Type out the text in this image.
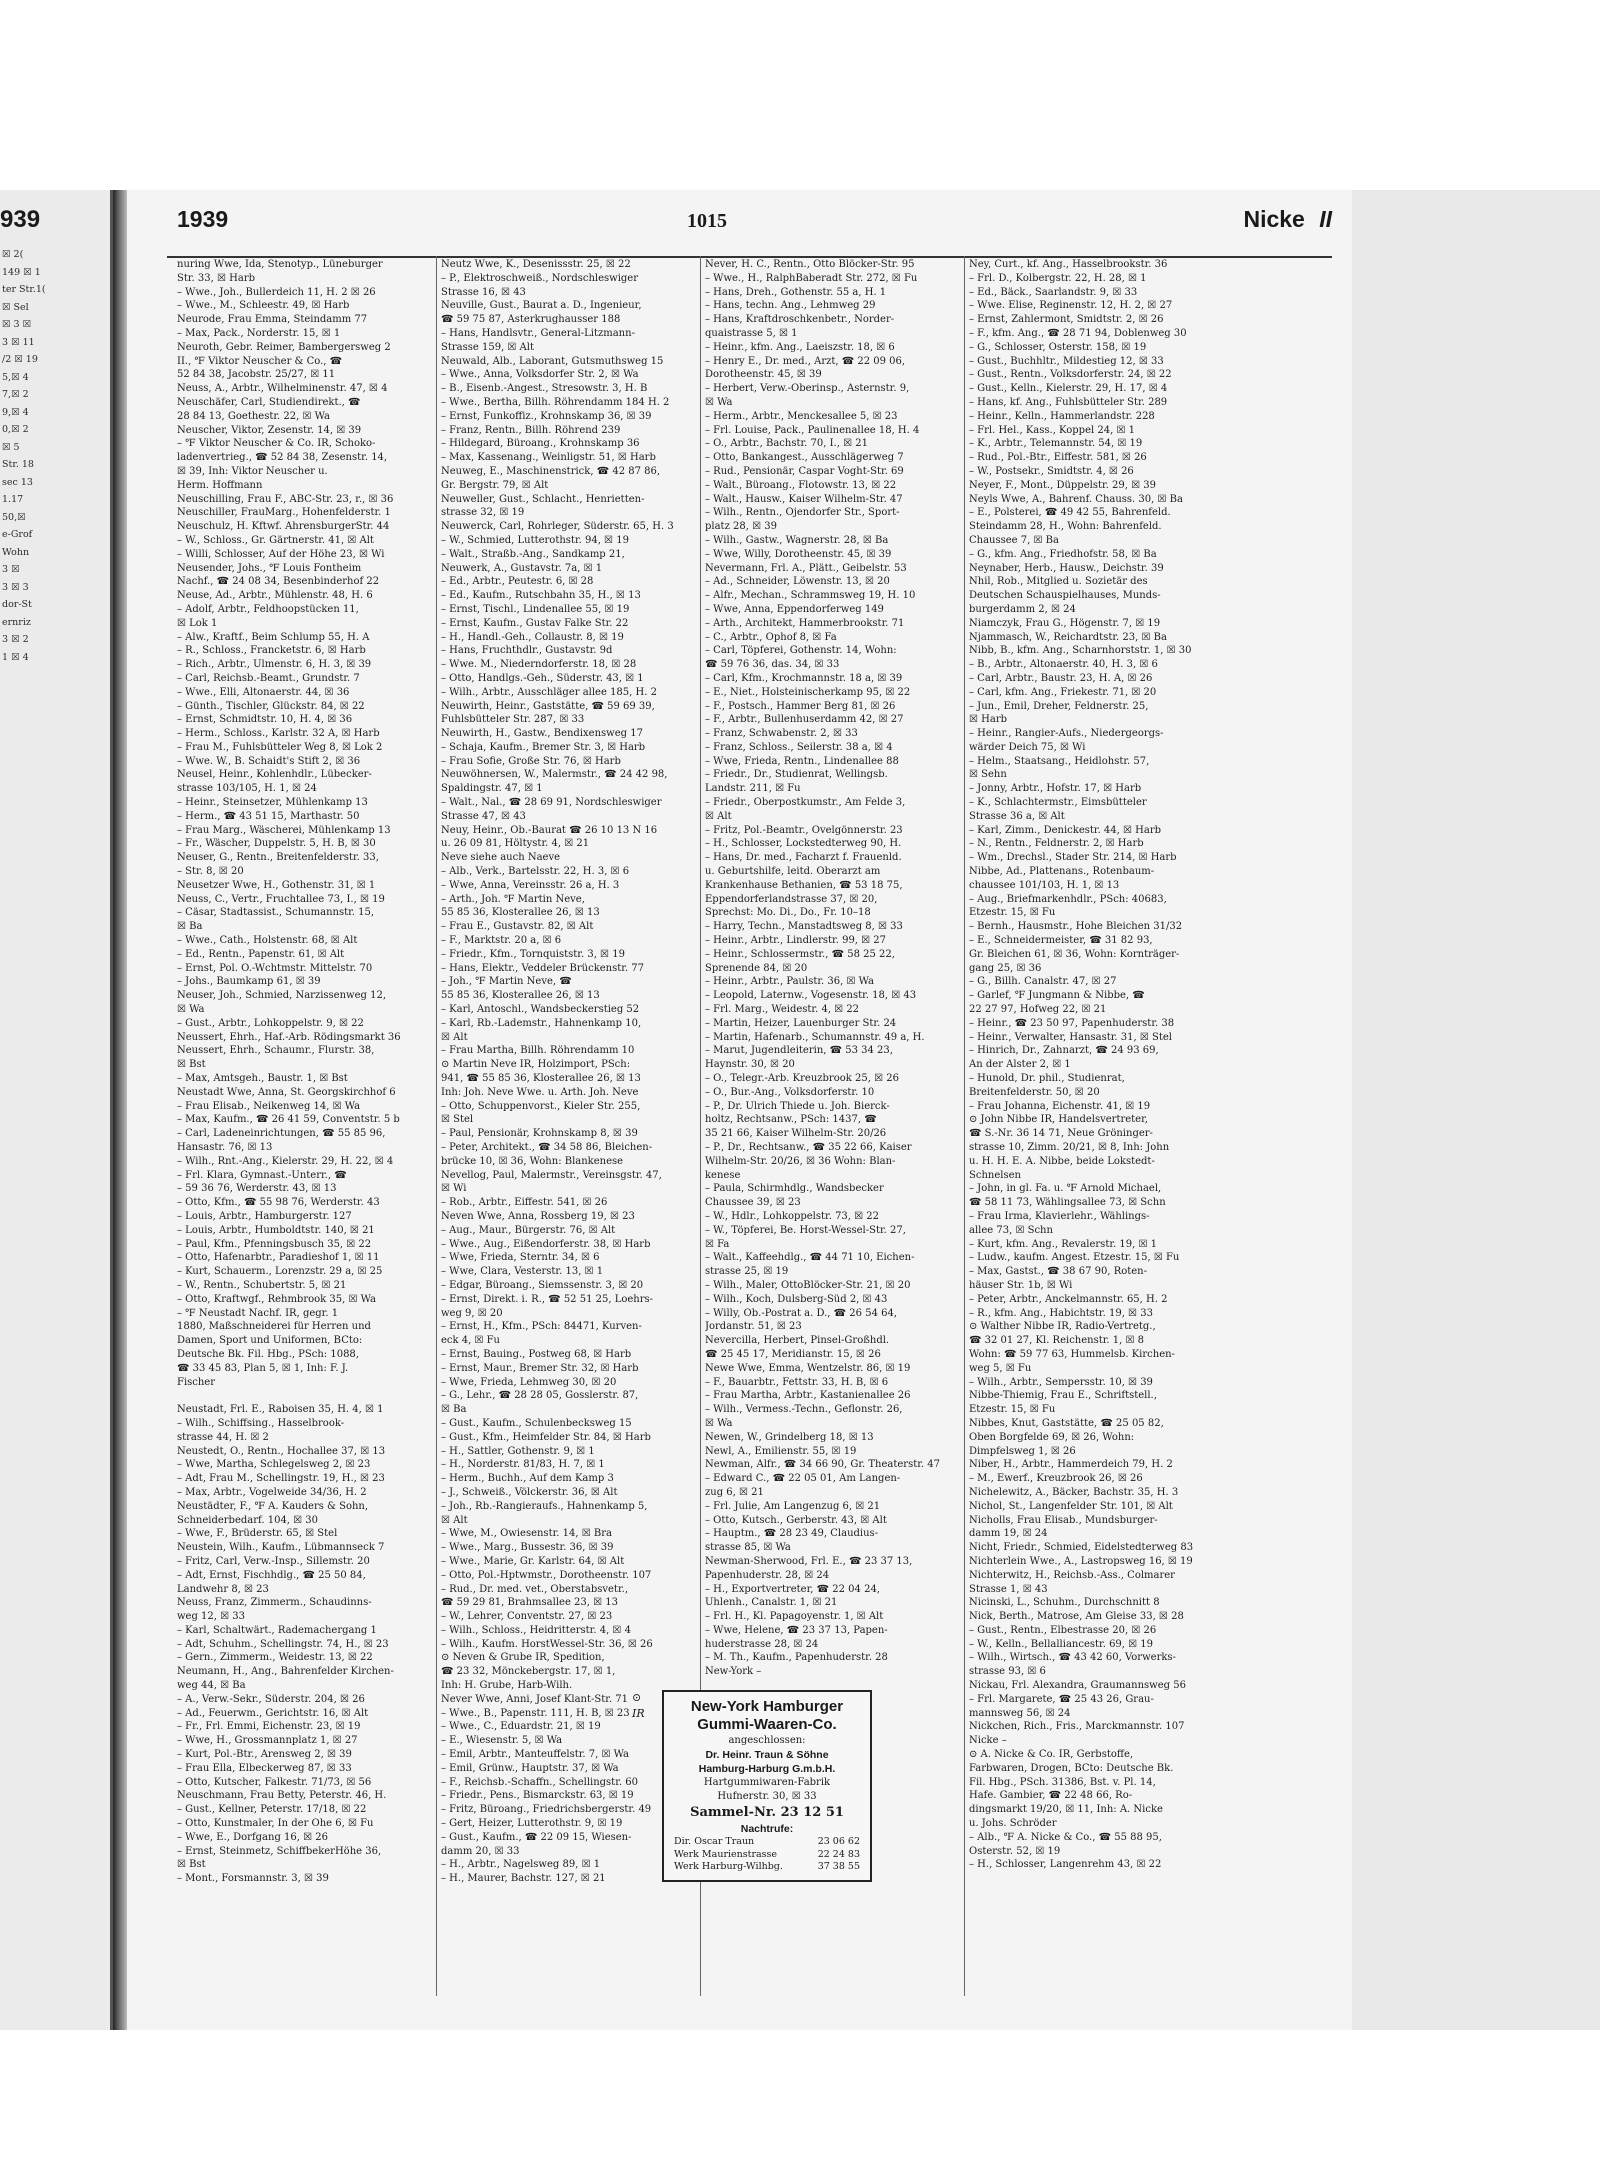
939
☒ 2(
149 ☒ 1
ter Str.1(
☒ Sel
☒ 3 ☒
3 ☒ 11
/2 ☒ 19
5,☒ 4
7,☒ 2
9,☒ 4
0,☒ 2
☒ 5
Str. 18
sec 13
1.17
50,☒
e-Grof
Wohn
3 ☒
3 ☒ 3
dor-St
ernriz
3 ☒ 2
1 ☒ 4
1939	1015	Nicke II
nuring Wwe, Ida, Stenotyp., Lüneburger
Str. 33, ☒ Harb
– Wwe., Joh., Bullerdeich 11, H. 2 ☒ 26
– Wwe., M., Schleestr. 49, ☒ Harb
Neurode, Frau Emma, Steindamm 77
– Max, Pack., Norderstr. 15, ☒ 1
Neuroth, Gebr. Reimer, Bambergersweg 2
II., ℉ Viktor Neuscher & Co., ☎
52 84 38, Jacobstr. 25/27, ☒ 11
Neuss, A., Arbtr., Wilhelminenstr. 47, ☒ 4
Neuschäfer, Carl, Studiendirekt., ☎
28 84 13, Goethestr. 22, ☒ Wa
Neuscher, Viktor, Zesenstr. 14, ☒ 39
– ℉ Viktor Neuscher & Co. IR, Schoko-
ladenvertrieg., ☎ 52 84 38, Zesenstr. 14,
☒ 39, Inh: Viktor Neuscher u.
Herm. Hoffmann
Neuschilling, Frau F., ABC-Str. 23, r., ☒ 36
Neuschiller, FrauMarg., Hohenfelderstr. 1
Neuschulz, H. Kftwf. AhrensburgerStr. 44
– W., Schloss., Gr. Gärtnerstr. 41, ☒ Alt
– Willi, Schlosser, Auf der Höhe 23, ☒ Wi
Neusender, Johs., ℉ Louis Fontheim
Nachf., ☎ 24 08 34, Besenbinderhof 22
Neuse, Ad., Arbtr., Mühlenstr. 48, H. 6
– Adolf, Arbtr., Feldhoopstücken 11,
☒ Lok 1
– Alw., Kraftf., Beim Schlump 55, H. A
– R., Schloss., Francketstr. 6, ☒ Harb
– Rich., Arbtr., Ulmenstr. 6, H. 3, ☒ 39
– Carl, Reichsb.-Beamt., Grundstr. 7
– Wwe., Elli, Altonaerstr. 44, ☒ 36
– Günth., Tischler, Glückstr. 84, ☒ 22
– Ernst, Schmidtstr. 10, H. 4, ☒ 36
– Herm., Schloss., Karlstr. 32 A, ☒ Harb
– Frau M., Fuhlsbütteler Weg 8, ☒ Lok 2
– Wwe. W., B. Schaidt's Stift 2, ☒ 36
Neusel, Heinr., Kohlenhdlr., Lübecker-
strasse 103/105, H. 1, ☒ 24
– Heinr., Steinsetzer, Mühlenkamp 13
– Herm., ☎ 43 51 15, Marthastr. 50
– Frau Marg., Wäscherei, Mühlenkamp 13
– Fr., Wäscher, Duppelstr. 5, H. B, ☒ 30
Neuser, G., Rentn., Breitenfelderstr. 33,
– Str. 8, ☒ 20
Neusetzer Wwe, H., Gothenstr. 31, ☒ 1
Neuss, C., Vertr., Fruchtallee 73, I., ☒ 19
– Cäsar, Stadtassist., Schumannstr. 15,
☒ Ba
– Wwe., Cath., Holstenstr. 68, ☒ Alt
– Ed., Rentn., Papenstr. 61, ☒ Alt
– Ernst, Pol. O.-Wchtmstr. Mittelstr. 70
– Johs., Baumkamp 61, ☒ 39
Neuser, Joh., Schmied, Narzissenweg 12,
☒ Wa
– Gust., Arbtr., Lohkoppelstr. 9, ☒ 22
Neussert, Ehrh., Haf.-Arb. Rödingsmarkt 36
Neussert, Ehrh., Schaumr., Flurstr. 38,
☒ Bst
– Max, Amtsgeh., Baustr. 1, ☒ Bst
Neustadt Wwe, Anna, St. Georgskirchhof 6
– Frau Elisab., Neikenweg 14, ☒ Wa
– Max, Kaufm., ☎ 26 41 59, Conventstr. 5 b
– Carl, Ladeneinrichtungen, ☎ 55 85 96,
Hansastr. 76, ☒ 13
– Wilh., Rnt.-Ang., Kielerstr. 29, H. 22, ☒ 4
– Frl. Klara, Gymnast.-Unterr., ☎
– 59 36 76, Werderstr. 43, ☒ 13
– Otto, Kfm., ☎ 55 98 76, Werderstr. 43
– Louis, Arbtr., Hamburgerstr. 127
– Louis, Arbtr., Humboldtstr. 140, ☒ 21
– Paul, Kfm., Pfenningsbusch 35, ☒ 22
– Otto, Hafenarbtr., Paradieshof 1, ☒ 11
– Kurt, Schauerm., Lorenzstr. 29 a, ☒ 25
– W., Rentn., Schubertstr. 5, ☒ 21
– Otto, Kraftwgf., Rehmbrook 35, ☒ Wa
– ℉ Neustadt Nachf. IR, gegr. 1
1880, Maßschneiderei für Herren und
Damen, Sport und Uniformen, BCto:
Deutsche Bk. Fil. Hbg., PSch: 1088,
☎ 33 45 83, Plan 5, ☒ 1, Inh: F. J.
Fischer
Neustadt, Frl. E., Raboisen 35, H. 4, ☒ 1
– Wilh., Schiffsing., Hasselbrook-
strasse 44, H. ☒ 2
Neustedt, O., Rentn., Hochallee 37, ☒ 13
– Wwe, Martha, Schlegelsweg 2, ☒ 23
– Adt, Frau M., Schellingstr. 19, H., ☒ 23
– Max, Arbtr., Vogelweide 34/36, H. 2
Neustädter, F., ℉ A. Kauders & Sohn,
Schneiderbedarf. 104, ☒ 30
– Wwe, F., Brüderstr. 65, ☒ Stel
Neustein, Wilh., Kaufm., Lübmannseck 7
– Fritz, Carl, Verw.-Insp., Sillemstr. 20
– Adt, Ernst, Fischhdlg., ☎ 25 50 84,
Landwehr 8, ☒ 23
Neuss, Franz, Zimmerm., Schaudinns-
weg 12, ☒ 33
– Karl, Schaltwärt., Rademachergang 1
– Adt, Schuhm., Schellingstr. 74, H., ☒ 23
– Gern., Zimmerm., Weidestr. 13, ☒ 22
Neumann, H., Ang., Bahrenfelder Kirchen-
weg 44, ☒ Ba
– A., Verw.-Sekr., Süderstr. 204, ☒ 26
– Ad., Feuerwm., Gerichtstr. 16, ☒ Alt
– Fr., Frl. Emmi, Eichenstr. 23, ☒ 19
– Wwe, H., Grossmannplatz 1, ☒ 27
– Kurt, Pol.-Btr., Arensweg 2, ☒ 39
– Frau Ella, Elbeckerweg 87, ☒ 33
– Otto, Kutscher, Falkestr. 71/73, ☒ 56
Neuschmann, Frau Betty, Peterstr. 46, H.
– Gust., Kellner, Peterstr. 17/18, ☒ 22
– Otto, Kunstmaler, In der Ohe 6, ☒ Fu
– Wwe, E., Dorfgang 16, ☒ 26
– Ernst, Steinmetz, SchiffbekerHöhe 36,
☒ Bst
– Mont., Forsmannstr. 3, ☒ 39
Neutz Wwe, K., Desenissstr. 25, ☒ 22
– P., Elektroschweiß., Nordschleswiger
Strasse 16, ☒ 43
Neuville, Gust., Baurat a. D., Ingenieur,
☎ 59 75 87, Asterkrughausser 188
– Hans, Handlsvtr., General-Litzmann-
Strasse 159, ☒ Alt
Neuwald, Alb., Laborant, Gutsmuthsweg 15
– Wwe., Anna, Volksdorfer Str. 2, ☒ Wa
– B., Eisenb.-Angest., Stresowstr. 3, H. B
– Wwe., Bertha, Billh. Röhrendamm 184 H. 2
– Ernst, Funkoffiz., Krohnskamp 36, ☒ 39
– Franz, Rentn., Billh. Röhrend 239
– Hildegard, Büroang., Krohnskamp 36
– Max, Kassenang., Weinligstr. 51, ☒ Harb
Neuweg, E., Maschinenstrick, ☎ 42 87 86,
Gr. Bergstr. 79, ☒ Alt
Neuweller, Gust., Schlacht., Henrietten-
strasse 32, ☒ 19
Neuwerck, Carl, Rohrleger, Süderstr. 65, H. 3
– W., Schmied, Lutterothstr. 94, ☒ 19
– Walt., Straßb.-Ang., Sandkamp 21,
Neuwerk, A., Gustavstr. 7a, ☒ 1
– Ed., Arbtr., Peutestr. 6, ☒ 28
– Ed., Kaufm., Rutschbahn 35, H., ☒ 13
– Ernst, Tischl., Lindenallee 55, ☒ 19
– Ernst, Kaufm., Gustav Falke Str. 22
– H., Handl.-Geh., Collaustr. 8, ☒ 19
– Hans, Fruchthdlr., Gustavstr. 9d
– Wwe. M., Niederndorferstr. 18, ☒ 28
– Otto, Handlgs.-Geh., Süderstr. 43, ☒ 1
– Wilh., Arbtr., Ausschläger allee 185, H. 2
Neuwirth, Heinr., Gaststätte, ☎ 59 69 39,
Fuhlsbütteler Str. 287, ☒ 33
Neuwirth, H., Gastw., Bendixensweg 17
– Schaja, Kaufm., Bremer Str. 3, ☒ Harb
– Frau Sofie, Große Str. 76, ☒ Harb
Neuwöhnersen, W., Malermstr., ☎ 24 42 98,
Spaldingstr. 47, ☒ 1
– Walt., Nal., ☎ 28 69 91, Nordschleswiger
Strasse 47, ☒ 43
Neuy, Heinr., Ob.-Baurat ☎ 26 10 13 N 16
u. 26 09 81, Höltystr. 4, ☒ 21
Neve siehe auch Naeve
– Alb., Verk., Bartelsstr. 22, H. 3, ☒ 6
– Wwe, Anna, Vereinsstr. 26 a, H. 3
– Arth., Joh. ℉ Martin Neve,
55 85 36, Klosterallee 26, ☒ 13
– Frau E., Gustavstr. 82, ☒ Alt
– F., Marktstr. 20 a, ☒ 6
– Friedr., Kfm., Tornquiststr. 3, ☒ 19
– Hans, Elektr., Veddeler Brückenstr. 77
– Joh., ℉ Martin Neve, ☎
55 85 36, Klosterallee 26, ☒ 13
– Karl, Antoschl., Wandsbeckerstieg 52
– Karl, Rb.-Lademstr., Hahnenkamp 10,
☒ Alt
– Frau Martha, Billh. Röhrendamm 10
⊙ Martin Neve IR, Holzimport, PSch:
941, ☎ 55 85 36, Klosterallee 26, ☒ 13
Inh: Joh. Neve Wwe. u. Arth. Joh. Neve
– Otto, Schuppenvorst., Kieler Str. 255,
☒ Stel
– Paul, Pensionär, Krohnskamp 8, ☒ 39
– Peter, Architekt., ☎ 34 58 86, Bleichen-
brücke 10, ☒ 36, Wohn: Blankenese
Nevellog, Paul, Malermstr., Vereinsgstr. 47,
☒ Wi
– Rob., Arbtr., Eiffestr. 541, ☒ 26
Neven Wwe, Anna, Rossberg 19, ☒ 23
– Aug., Maur., Bürgerstr. 76, ☒ Alt
– Wwe., Aug., Eißendorferstr. 38, ☒ Harb
– Wwe, Frieda, Sterntr. 34, ☒ 6
– Wwe, Clara, Vesterstr. 13, ☒ 1
– Edgar, Büroang., Siemssenstr. 3, ☒ 20
– Ernst, Direkt. i. R., ☎ 52 51 25, Loehrs-
weg 9, ☒ 20
– Ernst, H., Kfm., PSch: 84471, Kurven-
eck 4, ☒ Fu
– Ernst, Bauing., Postweg 68, ☒ Harb
– Ernst, Maur., Bremer Str. 32, ☒ Harb
– Wwe, Frieda, Lehmweg 30, ☒ 20
– G., Lehr., ☎ 28 28 05, Gosslerstr. 87,
☒ Ba
– Gust., Kaufm., Schulenbecksweg 15
– Gust., Kfm., Heimfelder Str. 84, ☒ Harb
– H., Sattler, Gothenstr. 9, ☒ 1
– H., Norderstr. 81/83, H. 7, ☒ 1
– Herm., Buchh., Auf dem Kamp 3
– J., Schweiß., Völckerstr. 36, ☒ Alt
– Joh., Rb.-Rangieraufs., Hahnenkamp 5,
☒ Alt
– Wwe, M., Owiesenstr. 14, ☒ Bra
– Wwe., Marg., Bussestr. 36, ☒ 39
– Wwe., Marie, Gr. Karlstr. 64, ☒ Alt
– Otto, Pol.-Hptwmstr., Dorotheenstr. 107
– Rud., Dr. med. vet., Oberstabsvetr.,
☎ 59 29 81, Brahmsallee 23, ☒ 13
– W., Lehrer, Conventstr. 27, ☒ 23
– Wilh., Schloss., Heidritterstr. 4, ☒ 4
– Wilh., Kaufm. HorstWessel-Str. 36, ☒ 26
⊙ Neven & Grube IR, Spedition,
☎ 23 32, Mönckebergstr. 17, ☒ 1,
Inh: H. Grube, Harb-Wilh.
Never Wwe, Anni, Josef Klant-Str. 71
– Wwe., B., Papenstr. 111, H. B, ☒ 23
– Wwe., C., Eduardstr. 21, ☒ 19
– E., Wiesenstr. 5, ☒ Wa
– Emil, Arbtr., Manteuffelstr. 7, ☒ Wa
– Emil, Grünw., Hauptstr. 37, ☒ Wa
– F., Reichsb.-Schaffn., Schellingstr. 60
– Friedr., Pens., Bismarckstr. 63, ☒ 19
– Fritz, Büroang., Friedrichsbergerstr. 49
– Gert, Heizer, Lutterothstr. 9, ☒ 19
– Gust., Kaufm., ☎ 22 09 15, Wiesen-
damm 20, ☒ 33
– H., Arbtr., Nagelsweg 89, ☒ 1
– H., Maurer, Bachstr. 127, ☒ 21
Never, H. C., Rentn., Otto Blöcker-Str. 95
– Wwe., H., RalphBaberadt Str. 272, ☒ Fu
– Hans, Dreh., Gothenstr. 55 a, H. 1
– Hans, techn. Ang., Lehmweg 29
– Hans, Kraftdroschkenbetr., Norder-
quaistrasse 5, ☒ 1
– Heinr., kfm. Ang., Laeiszstr. 18, ☒ 6
– Henry E., Dr. med., Arzt, ☎ 22 09 06,
Dorotheenstr. 45, ☒ 39
– Herbert, Verw.-Oberinsp., Asternstr. 9,
☒ Wa
– Herm., Arbtr., Menckesallee 5, ☒ 23
– Frl. Louise, Pack., Paulinenallee 18, H. 4
– O., Arbtr., Bachstr. 70, I., ☒ 21
– Otto, Bankangest., Ausschlägerweg 7
– Rud., Pensionär, Caspar Voght-Str. 69
– Walt., Büroang., Flotowstr. 13, ☒ 22
– Walt., Hausw., Kaiser Wilhelm-Str. 47
– Wilh., Rentn., Ojendorfer Str., Sport-
platz 28, ☒ 39
– Wilh., Gastw., Wagnerstr. 28, ☒ Ba
– Wwe, Willy, Dorotheenstr. 45, ☒ 39
Nevermann, Frl. A., Plätt., Geibelstr. 53
– Ad., Schneider, Löwenstr. 13, ☒ 20
– Alfr., Mechan., Schrammsweg 19, H. 10
– Wwe, Anna, Eppendorferweg 149
– Arth., Architekt, Hammerbrookstr. 71
– C., Arbtr., Ophof 8, ☒ Fa
– Carl, Töpferei, Gothenstr. 14, Wohn:
☎ 59 76 36, das. 34, ☒ 33
– Carl, Kfm., Krochmannstr. 18 a, ☒ 39
– E., Niet., Holsteinischerkamp 95, ☒ 22
– F., Postsch., Hammer Berg 81, ☒ 26
– F., Arbtr., Bullenhuserdamm 42, ☒ 27
– Franz, Schwabenstr. 2, ☒ 33
– Franz, Schloss., Seilerstr. 38 a, ☒ 4
– Wwe, Frieda, Rentn., Lindenallee 88
– Friedr., Dr., Studienrat, Wellingsb.
Landstr. 211, ☒ Fu
– Friedr., Oberpostkumstr., Am Felde 3,
☒ Alt
– Fritz, Pol.-Beamtr., Ovelgönnerstr. 23
– H., Schlosser, Lockstedterweg 90, H.
– Hans, Dr. med., Facharzt f. Frauenld.
u. Geburtshilfe, leitd. Oberarzt am
Krankenhause Bethanien, ☎ 53 18 75,
Eppendorferlandstrasse 37, ☒ 20,
Sprechst: Mo. Di., Do., Fr. 10–18
– Harry, Techn., Manstadtsweg 8, ☒ 33
– Heinr., Arbtr., Lindlerstr. 99, ☒ 27
– Heinr., Schlossermstr., ☎ 58 25 22,
Sprenende 84, ☒ 20
– Heinr., Arbtr., Paulstr. 36, ☒ Wa
– Leopold, Laternw., Vogesenstr. 18, ☒ 43
– Frl. Marg., Weidestr. 4, ☒ 22
– Martin, Heizer, Lauenburger Str. 24
– Martin, Hafenarb., Schumannstr. 49 a, H.
– Marut, Jugendleiterin, ☎ 53 34 23,
Haynstr. 30, ☒ 20
– O., Telegr.-Arb. Kreuzbrook 25, ☒ 26
– O., Bur.-Ang., Volksdorferstr. 10
– P., Dr. Ulrich Thiede u. Joh. Bierck-
holtz, Rechtsanw., PSch: 1437, ☎
35 21 66, Kaiser Wilhelm-Str. 20/26
– P., Dr., Rechtsanw., ☎ 35 22 66, Kaiser
Wilhelm-Str. 20/26, ☒ 36 Wohn: Blan-
kenese
– Paula, Schirmhdlg., Wandsbecker
Chaussee 39, ☒ 23
– W., Hdlr., Lohkoppelstr. 73, ☒ 22
– W., Töpferei, Be. Horst-Wessel-Str. 27,
☒ Fa
– Walt., Kaffeehdlg., ☎ 44 71 10, Eichen-
strasse 25, ☒ 19
– Wilh., Maler, OttoBlöcker-Str. 21, ☒ 20
– Wilh., Koch, Dulsberg-Süd 2, ☒ 43
– Willy, Ob.-Postrat a. D., ☎ 26 54 64,
Jordanstr. 51, ☒ 23
Nevercilla, Herbert, Pinsel-Großhdl.
☎ 25 45 17, Meridianstr. 15, ☒ 26
Newe Wwe, Emma, Wentzelstr. 86, ☒ 19
– F., Bauarbtr., Fettstr. 33, H. B, ☒ 6
– Frau Martha, Arbtr., Kastanienallee 26
– Wilh., Vermess.-Techn., Geflonstr. 26,
☒ Wa
Newen, W., Grindelberg 18, ☒ 13
Newl, A., Emilienstr. 55, ☒ 19
Newman, Alfr., ☎ 34 66 90, Gr. Theaterstr. 47
– Edward C., ☎ 22 05 01, Am Langen-
zug 6, ☒ 21
– Frl. Julie, Am Langenzug 6, ☒ 21
– Otto, Kutsch., Gerberstr. 43, ☒ Alt
– Hauptm., ☎ 28 23 49, Claudius-
strasse 85, ☒ Wa
Newman-Sherwood, Frl. E., ☎ 23 37 13,
Papenhuderstr. 28, ☒ 24
– H., Exportvertreter, ☎ 22 04 24,
Uhlenh., Canalstr. 1, ☒ 21
– Frl. H., Kl. Papagoyenstr. 1, ☒ Alt
– Wwe, Helene, ☎ 23 37 13, Papen-
huderstrasse 28, ☒ 24
– M. Th., Kaufm., Papenhuderstr. 28
New-York –
Ney, Curt., kf. Ang., Hasselbrookstr. 36
– Frl. D., Kolbergstr. 22, H. 28, ☒ 1
– Ed., Bäck., Saarlandstr. 9, ☒ 33
– Wwe. Elise, Reginenstr. 12, H. 2, ☒ 27
– Ernst, Zahlermont, Smidtstr. 2, ☒ 26
– F., kfm. Ang., ☎ 28 71 94, Doblenweg 30
– G., Schlosser, Osterstr. 158, ☒ 19
– Gust., Buchhltr., Mildestieg 12, ☒ 33
– Gust., Rentn., Volksdorferstr. 24, ☒ 22
– Gust., Kelln., Kielerstr. 29, H. 17, ☒ 4
– Hans, kf. Ang., Fuhlsbütteler Str. 289
– Heinr., Kelln., Hammerlandstr. 228
– Frl. Hel., Kass., Koppel 24, ☒ 1
– K., Arbtr., Telemannstr. 54, ☒ 19
– Rud., Pol.-Btr., Eiffestr. 581, ☒ 26
– W., Postsekr., Smidtstr. 4, ☒ 26
Neyer, F., Mont., Düppelstr. 29, ☒ 39
Neyls Wwe, A., Bahrenf. Chauss. 30, ☒ Ba
– E., Polsterei, ☎ 49 42 55, Bahrenfeld.
Steindamm 28, H., Wohn: Bahrenfeld.
Chaussee 7, ☒ Ba
– G., kfm. Ang., Friedhofstr. 58, ☒ Ba
Neynaber, Herb., Hausw., Deichstr. 39
Nhil, Rob., Mitglied u. Sozietär des
Deutschen Schauspielhauses, Munds-
burgerdamm 2, ☒ 24
Niamczyk, Frau G., Högenstr. 7, ☒ 19
Njammasch, W., Reichardtstr. 23, ☒ Ba
Nibb, B., kfm. Ang., Scharnhorststr. 1, ☒ 30
– B., Arbtr., Altonaerstr. 40, H. 3, ☒ 6
– Carl, Arbtr., Baustr. 23, H. A, ☒ 26
– Carl, kfm. Ang., Friekestr. 71, ☒ 20
– Jun., Emil, Dreher, Feldnerstr. 25,
☒ Harb
– Heinr., Rangier-Aufs., Niedergeorgs-
wärder Deich 75, ☒ Wi
– Helm., Staatsang., Heidlohstr. 57,
☒ Sehn
– Jonny, Arbtr., Hofstr. 17, ☒ Harb
– K., Schlachtermstr., Eimsbütteler
Strasse 36 a, ☒ Alt
– Karl, Zimm., Denickestr. 44, ☒ Harb
– N., Rentn., Feldnerstr. 2, ☒ Harb
– Wm., Drechsl., Stader Str. 214, ☒ Harb
Nibbe, Ad., Plattenans., Rotenbaum-
chaussee 101/103, H. 1, ☒ 13
– Aug., Briefmarkenhdlr., PSch: 40683,
Etzestr. 15, ☒ Fu
– Bernh., Hausmstr., Hohe Bleichen 31/32
– E., Schneidermeister, ☎ 31 82 93,
Gr. Bleichen 61, ☒ 36, Wohn: Kornträger-
gang 25, ☒ 36
– G., Billh. Canalstr. 47, ☒ 27
– Garlef, ℉ Jungmann & Nibbe, ☎
22 27 97, Hofweg 22, ☒ 21
– Heinr., ☎ 23 50 97, Papenhuderstr. 38
– Heinr., Verwalter, Hansastr. 31, ☒ Stel
– Hinrich, Dr., Zahnarzt, ☎ 24 93 69,
An der Alster 2, ☒ 1
– Hunold, Dr. phil., Studienrat,
Breitenfelderstr. 50, ☒ 20
– Frau Johanna, Eichenstr. 41, ☒ 19
⊙ John Nibbe IR, Handelsvertreter,
☎ S.-Nr. 36 14 71, Neue Gröninger-
strasse 10, Zimm. 20/21, ☒ 8, Inh: John
u. H. H. E. A. Nibbe, beide Lokstedt-
Schnelsen
– John, in gl. Fa. u. ℉ Arnold Michael,
☎ 58 11 73, Wählingsallee 73, ☒ Schn
– Frau Irma, Klavierlehr., Wählings-
allee 73, ☒ Schn
– Kurt, kfm. Ang., Revalerstr. 19, ☒ 1
– Ludw., kaufm. Angest. Etzestr. 15, ☒ Fu
– Max, Gastst., ☎ 38 67 90, Roten-
häuser Str. 1b, ☒ Wi
– Peter, Arbtr., Anckelmannstr. 65, H. 2
– R., kfm. Ang., Habichtstr. 19, ☒ 33
⊙ Walther Nibbe IR, Radio-Vertretg.,
☎ 32 01 27, Kl. Reichenstr. 1, ☒ 8
Wohn: ☎ 59 77 63, Hummelsb. Kirchen-
weg 5, ☒ Fu
– Wilh., Arbtr., Sempersstr. 10, ☒ 39
Nibbe-Thiemig, Frau E., Schriftstell.,
Etzestr. 15, ☒ Fu
Nibbes, Knut, Gaststätte, ☎ 25 05 82,
Oben Borgfelde 69, ☒ 26, Wohn:
Dimpfelsweg 1, ☒ 26
Niber, H., Arbtr., Hammerdeich 79, H. 2
– M., Ewerf., Kreuzbrook 26, ☒ 26
Nichelewitz, A., Bäcker, Bachstr. 35, H. 3
Nichol, St., Langenfelder Str. 101, ☒ Alt
Nicholls, Frau Elisab., Mundsburger-
damm 19, ☒ 24
Nicht, Friedr., Schmied, Eidelstedterweg 83
Nichterlein Wwe., A., Lastropsweg 16, ☒ 19
Nichterwitz, H., Reichsb.-Ass., Colmarer
Strasse 1, ☒ 43
Nicinski, L., Schuhm., Durchschnitt 8
Nick, Berth., Matrose, Am Gleise 33, ☒ 28
– Gust., Rentn., Elbestrasse 20, ☒ 26
– W., Kelln., Bellalliancestr. 69, ☒ 19
– Wilh., Wirtsch., ☎ 43 42 60, Vorwerks-
strasse 93, ☒ 6
Nickau, Frl. Alexandra, Graumannsweg 56
– Frl. Margarete, ☎ 25 43 26, Grau-
mannsweg 56, ☒ 24
Nickchen, Rich., Fris., Marckmannstr. 107
Nicke –
⊙ A. Nicke & Co. IR, Gerbstoffe,
Farbwaren, Drogen, BCto: Deutsche Bk.
Fil. Hbg., PSch. 31386, Bst. v. Pl. 14,
Hafe. Gambier, ☎ 22 48 66, Ro-
dingsmarkt 19/20, ☒ 11, Inh: A. Nicke
u. Johs. Schröder
– Alb., ℉ A. Nicke & Co., ☎ 55 88 95,
Osterstr. 52, ☒ 19
– H., Schlosser, Langenrehm 43, ☒ 22
⊙
IR	New-York Hamburger
Gummi-Waaren-Co.
angeschlossen:
Dr. Heinr. Traun & Söhne
Hamburg-Harburg G.m.b.H.
Hartgummiwaren-Fabrik
Hufnerstr. 30, ☒ 33
Sammel-Nr. 23 12 51
Nachtrufe:
Dir. Oscar Traun	23 06 62
Werk Maurienstrasse	22 24 83
Werk Harburg-Wilhbg.	37 38 55
